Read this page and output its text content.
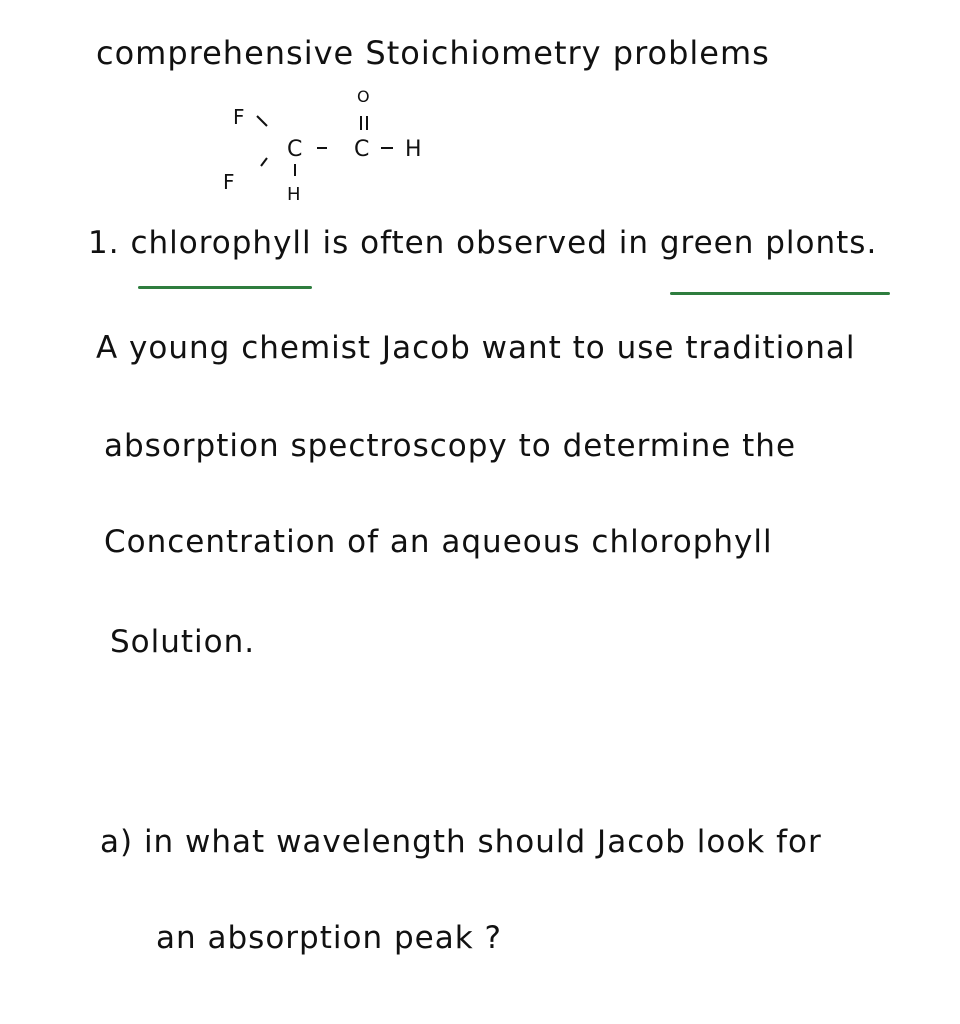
comprehensive Stoichiometry problems
F
F
C
H
C
O
H
1. chlorophyll is often observed in green plonts.
A young chemist Jacob want to use traditional
absorption spectroscopy to determine the
Concentration of an aqueous chlorophyll
Solution.
a) in what wavelength should Jacob look for
an absorption peak ?
